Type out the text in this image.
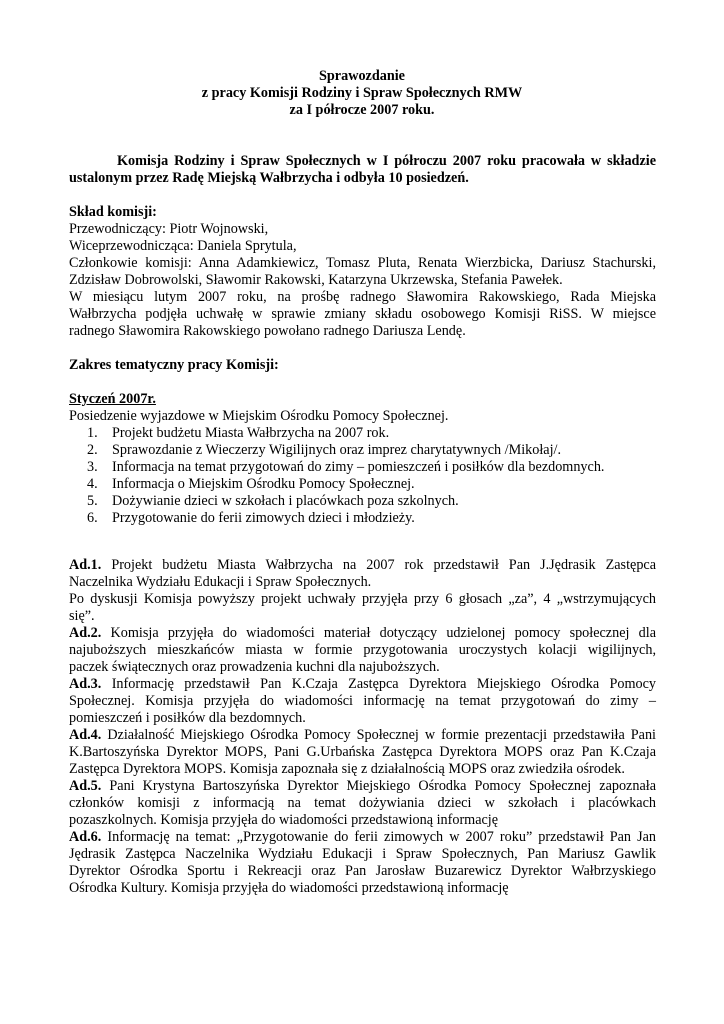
Sprawozdanie
z pracy Komisji Rodziny i Spraw Społecznych RMW
za I półrocze 2007 roku.
Komisja Rodziny i Spraw Społecznych w I półroczu 2007 roku pracowała w składzie
ustalonym przez Radę Miejską Wałbrzycha i odbyła 10 posiedzeń.
Skład komisji:
Przewodniczący: Piotr Wojnowski,
Wiceprzewodnicząca: Daniela Sprytula,
Członkowie komisji: Anna Adamkiewicz, Tomasz Pluta, Renata Wierzbicka, Dariusz Stachurski,
Zdzisław Dobrowolski, Sławomir Rakowski, Katarzyna Ukrzewska, Stefania Pawełek.
W miesiącu lutym 2007 roku, na prośbę radnego Sławomira Rakowskiego, Rada Miejska
Wałbrzycha podjęła uchwałę w sprawie zmiany składu osobowego Komisji RiSS. W miejsce
radnego Sławomira Rakowskiego powołano radnego Dariusza Lendę.
Zakres tematyczny pracy Komisji:
Styczeń 2007r.
Posiedzenie wyjazdowe w Miejskim Ośrodku Pomocy Społecznej.
1. Projekt budżetu Miasta Wałbrzycha na 2007 rok.
2. Sprawozdanie z Wieczerzy Wigilijnych oraz imprez charytatywnych /Mikołaj/.
3. Informacja na temat przygotowań do zimy – pomieszczeń i posiłków dla bezdomnych.
4. Informacja o Miejskim Ośrodku Pomocy Społecznej.
5. Dożywianie dzieci w szkołach i placówkach poza szkolnych.
6. Przygotowanie do ferii zimowych dzieci i młodzieży.
Ad.1. Projekt budżetu Miasta Wałbrzycha na 2007 rok przedstawił Pan J.Jędrasik Zastępca
Naczelnika Wydziału Edukacji i Spraw Społecznych.
Po dyskusji Komisja powyższy projekt uchwały przyjęła przy 6 głosach „za”, 4 „wstrzymujących
się”.
Ad.2. Komisja przyjęła do wiadomości materiał dotyczący udzielonej pomocy społecznej dla
najuboższych mieszkańców miasta w formie przygotowania uroczystych kolacji wigilijnych,
paczek świątecznych oraz prowadzenia kuchni dla najuboższych.
Ad.3. Informację przedstawił Pan K.Czaja Zastępca Dyrektora Miejskiego Ośrodka Pomocy
Społecznej. Komisja przyjęła do wiadomości informację na temat przygotowań do zimy –
pomieszczeń i posiłków dla bezdomnych.
Ad.4. Działalność Miejskiego Ośrodka Pomocy Społecznej w formie prezentacji przedstawiła Pani
K.Bartoszyńska Dyrektor MOPS, Pani G.Urbańska Zastępca Dyrektora MOPS oraz Pan K.Czaja
Zastępca Dyrektora MOPS. Komisja zapoznała się z działalnością MOPS oraz zwiedziła ośrodek.
Ad.5. Pani Krystyna Bartoszyńska Dyrektor Miejskiego Ośrodka Pomocy Społecznej zapoznała
członków komisji z informacją na temat dożywiania dzieci w szkołach i placówkach
pozaszkolnych. Komisja przyjęła do wiadomości przedstawioną informację
Ad.6. Informację na temat: „Przygotowanie do ferii zimowych w 2007 roku” przedstawił Pan Jan
Jędrasik Zastępca Naczelnika Wydziału Edukacji i Spraw Społecznych, Pan Mariusz Gawlik
Dyrektor Ośrodka Sportu i Rekreacji oraz Pan Jarosław Buzarewicz Dyrektor Wałbrzyskiego
Ośrodka Kultury. Komisja przyjęła do wiadomości przedstawioną informację
